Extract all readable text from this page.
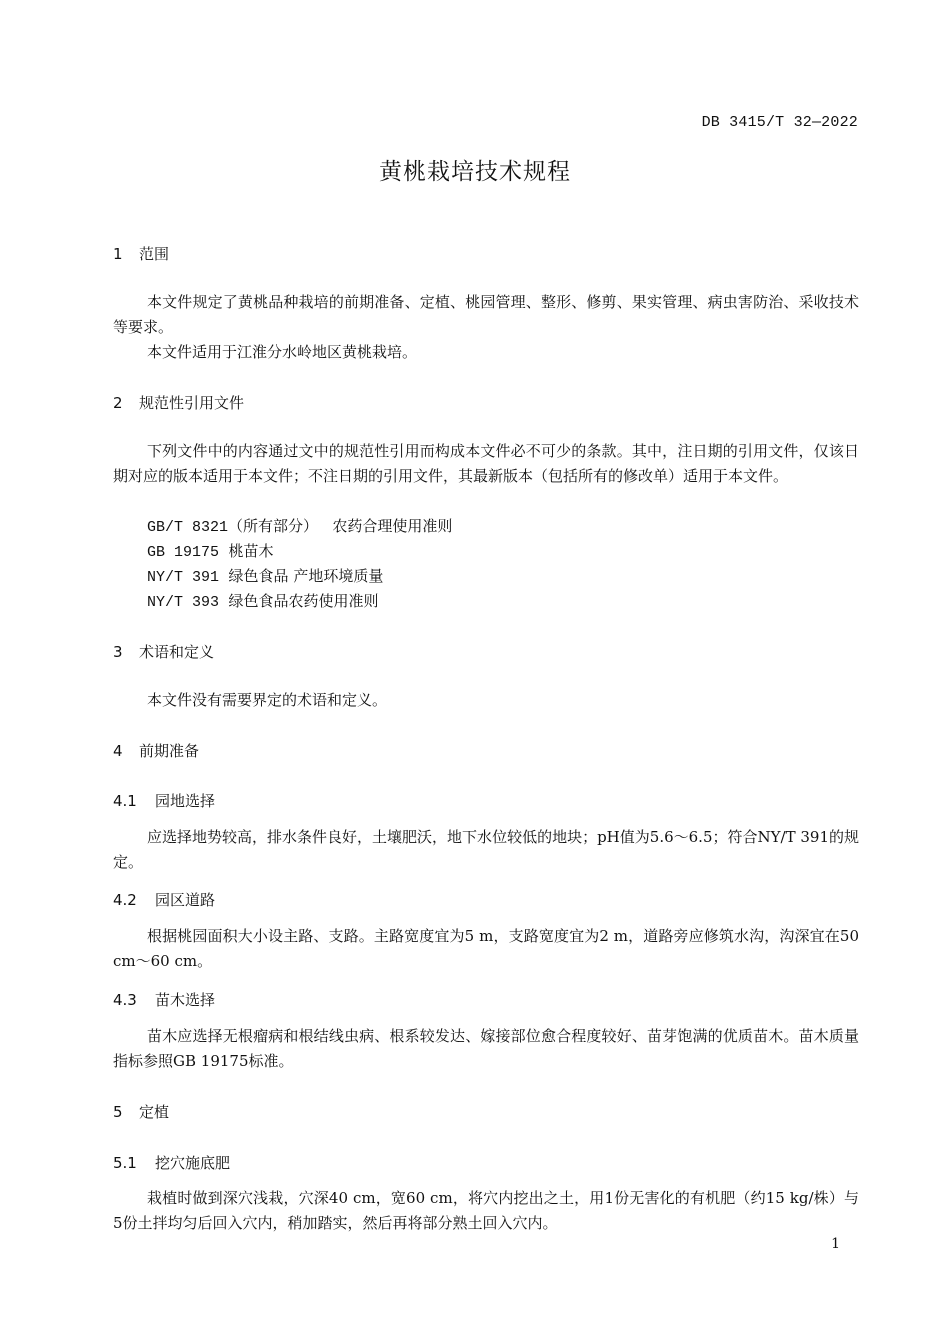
DB 3415/T 32—2022
黄桃栽培技术规程
1 范围
本文件规定了黄桃品种栽培的前期准备、定植、桃园管理、整形、修剪、果实管理、病虫害防治、采收技术等要求。
本文件适用于江淮分水岭地区黄桃栽培。
2 规范性引用文件
下列文件中的内容通过文中的规范性引用而构成本文件必不可少的条款。其中，注日期的引用文件，仅该日期对应的版本适用于本文件；不注日期的引用文件，其最新版本（包括所有的修改单）适用于本文件。
GB/T 8321（所有部分）   农药合理使用准则
GB 19175  桃苗木
NY/T 391  绿色食品 产地环境质量
NY/T 393  绿色食品农药使用准则
3 术语和定义
本文件没有需要界定的术语和定义。
4 前期准备
4.1 园地选择
应选择地势较高，排水条件良好，土壤肥沃，地下水位较低的地块；pH值为5.6～6.5；符合NY/T 391的规定。
4.2 园区道路
根据桃园面积大小设主路、支路。主路宽度宜为5 m，支路宽度宜为2 m，道路旁应修筑水沟，沟深宜在50 cm～60 cm。
4.3 苗木选择
苗木应选择无根瘤病和根结线虫病、根系较发达、嫁接部位愈合程度较好、苗芽饱满的优质苗木。苗木质量指标参照GB 19175标准。
5 定植
5.1 挖穴施底肥
栽植时做到深穴浅栽，穴深40 cm，宽60 cm，将穴内挖出之土，用1份无害化的有机肥（约15 kg/株）与5份土拌均匀后回入穴内，稍加踏实，然后再将部分熟土回入穴内。
1
